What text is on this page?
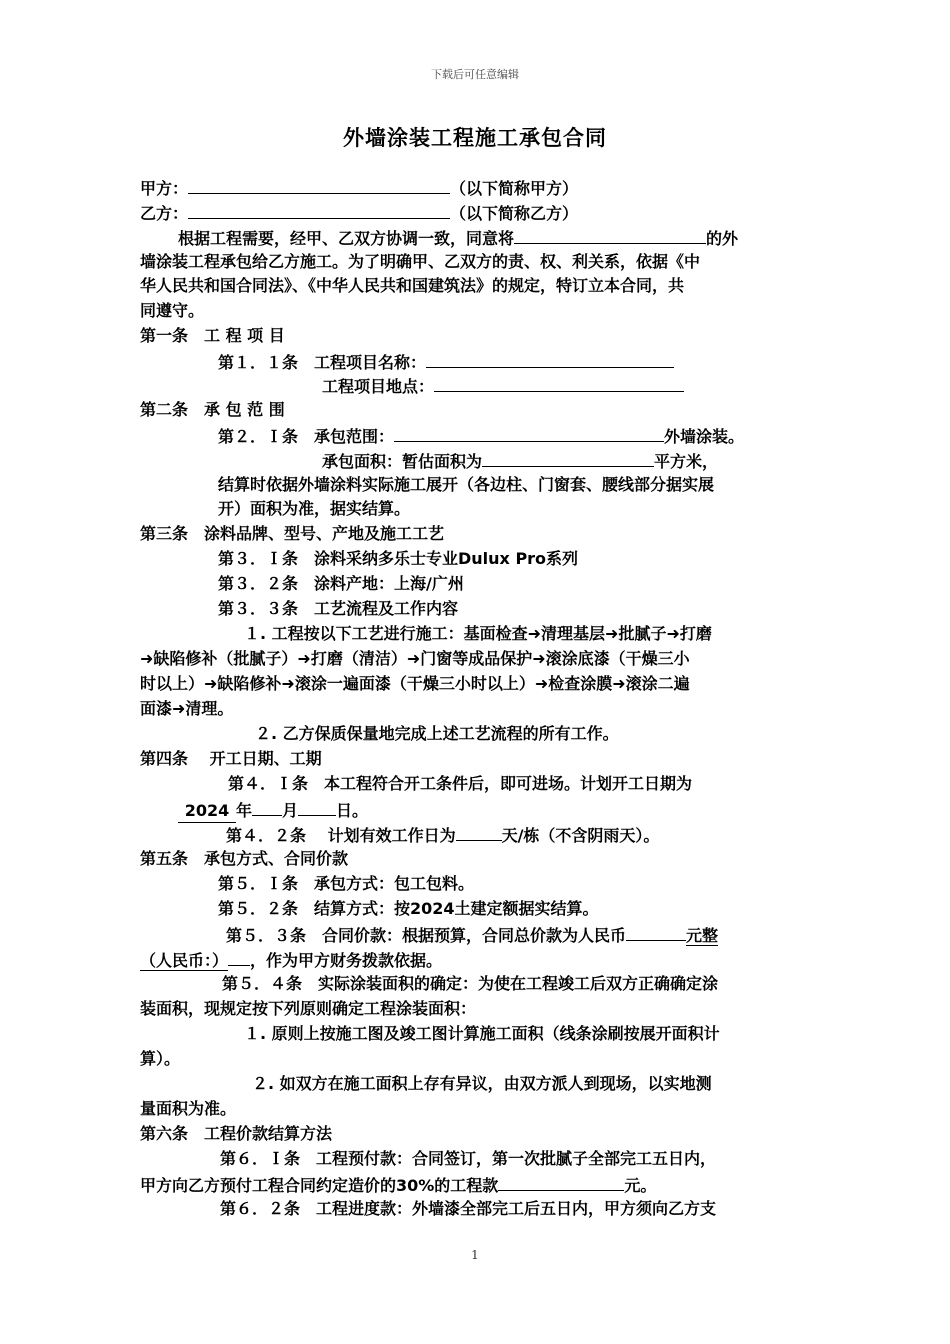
下载后可任意编辑
外墙涂装工程施工承包合同
甲方：	（以下简称甲方）
乙方：	（以下简称乙方）
根据工程需要，经甲、乙双方协调一致，同意将	的外
墙涂装工程承包给乙方施工。为了明确甲、乙双方的责、权、利关系，依据《中
华人民共和国合同法》、《中华人民共和国建筑法》的规定，特订立本合同，共
同遵守。
第一条　工 程 项 目
第１．１条　工程项目名称：
工程项目地点：
第二条　承 包 范 围
第２．Ｉ条　承包范围：	外墙涂装。
承包面积：暂估面积为	平方米，
结算时依据外墙涂料实际施工展开（各边柱、门窗套、腰线部分据实展
开）面积为准，据实结算。
第三条　涂料品牌、型号、产地及施工工艺
第３．Ｉ条　涂料采纳多乐士专业Dulux Pro系列
第３．２条　涂料产地：上海/广州
第３．３条　工艺流程及工作内容
１. 工程按以下工艺进行施工：基面检查➜清理基层➜批腻子➜打磨
➜缺陷修补（批腻子）➜打磨（清洁）➜门窗等成品保护➜滚涂底漆（干燥三小
时以上）➜缺陷修补➜滚涂一遍面漆（干燥三小时以上）➜检查涂膜➜滚涂二遍
面漆➜清理。
２. 乙方保质保量地完成上述工艺流程的所有工作。
第四条　 开工日期、工期
第４．Ｉ条　本工程符合开工条件后，即可进场。计划开工日期为
2024 年 月 日。
第４．２条　 计划有效工作日为	天/栋（不含阴雨天）。
第五条　承包方式、合同价款
第５．Ｉ条　承包方式：包工包料。
第５．２条　结算方式：按2024土建定额据实结算。
第５．３条　合同价款：根据预算，合同总价款为人民币	元整
（人民币：） ，作为甲方财务拨款依据。
第５．４条　实际涂装面积的确定：为使在工程竣工后双方正确确定涂
装面积，现规定按下列原则确定工程涂装面积：
１. 原则上按施工图及竣工图计算施工面积（线条涂刷按展开面积计
算）。
２. 如双方在施工面积上存有异议，由双方派人到现场，以实地测
量面积为准。
第六条　工程价款结算方法
第６．Ｉ条　工程预付款：合同签订，第一次批腻子全部完工五日内，
甲方向乙方预付工程合同约定造价的30%的工程款	元。
第６．２条　工程进度款：外墙漆全部完工后五日内，甲方须向乙方支
1
